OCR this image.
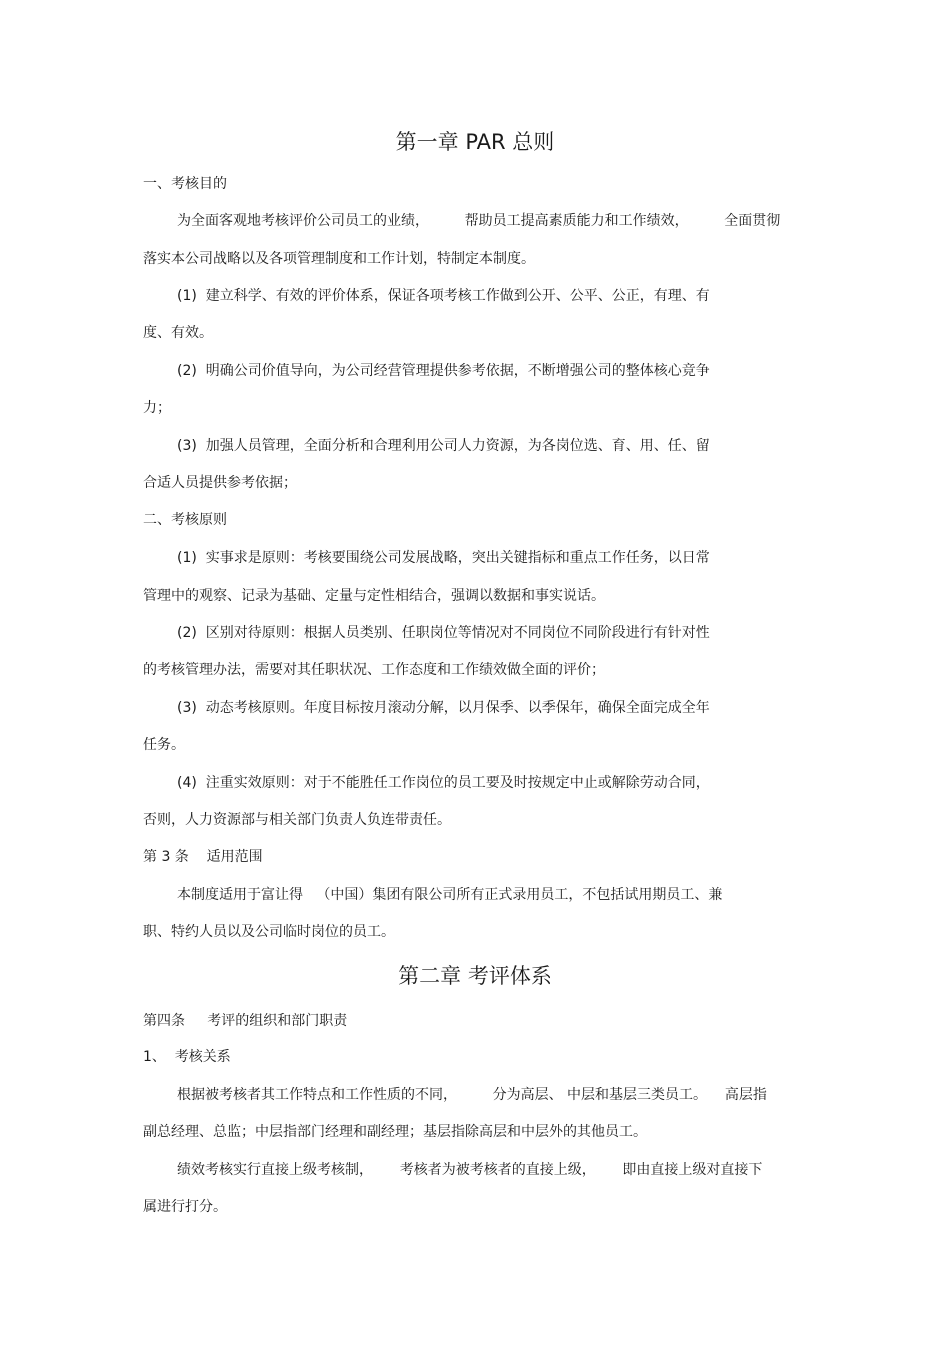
第一章 PAR 总则
一、考核目的
为全面客观地考核评价公司员工的业绩，        帮助员工提高素质能力和工作绩效，        全面贯彻
落实本公司战略以及各项管理制度和工作计划，特制定本制度。
(1)  建立科学、有效的评价体系，保证各项考核工作做到公开、公平、公正，有理、有
度、有效。
(2)  明确公司价值导向，为公司经营管理提供参考依据，不断增强公司的整体核心竞争
力；
(3)  加强人员管理，全面分析和合理利用公司人力资源，为各岗位选、育、用、任、留
合适人员提供参考依据；
二、考核原则
(1)  实事求是原则：考核要围绕公司发展战略，突出关键指标和重点工作任务，以日常
管理中的观察、记录为基础、定量与定性相结合，强调以数据和事实说话。
(2)  区别对待原则：根据人员类别、任职岗位等情况对不同岗位不同阶段进行有针对性
的考核管理办法，需要对其任职状况、工作态度和工作绩效做全面的评价；
(3)  动态考核原则。年度目标按月滚动分解，以月保季、以季保年，确保全面完成全年
任务。
(4)  注重实效原则：对于不能胜任工作岗位的员工要及时按规定中止或解除劳动合同，
否则，人力资源部与相关部门负责人负连带责任。
第 3 条    适用范围
本制度适用于富让得   （中国）集团有限公司所有正式录用员工，不包括试用期员工、兼
职、特约人员以及公司临时岗位的员工。
第二章 考评体系
第四条     考评的组织和部门职责
1、  考核关系
根据被考核者其工作特点和工作性质的不同，        分为高层、 中层和基层三类员工。    高层指
副总经理、总监；中层指部门经理和副经理；基层指除高层和中层外的其他员工。
绩效考核实行直接上级考核制，      考核者为被考核者的直接上级，      即由直接上级对直接下
属进行打分。
